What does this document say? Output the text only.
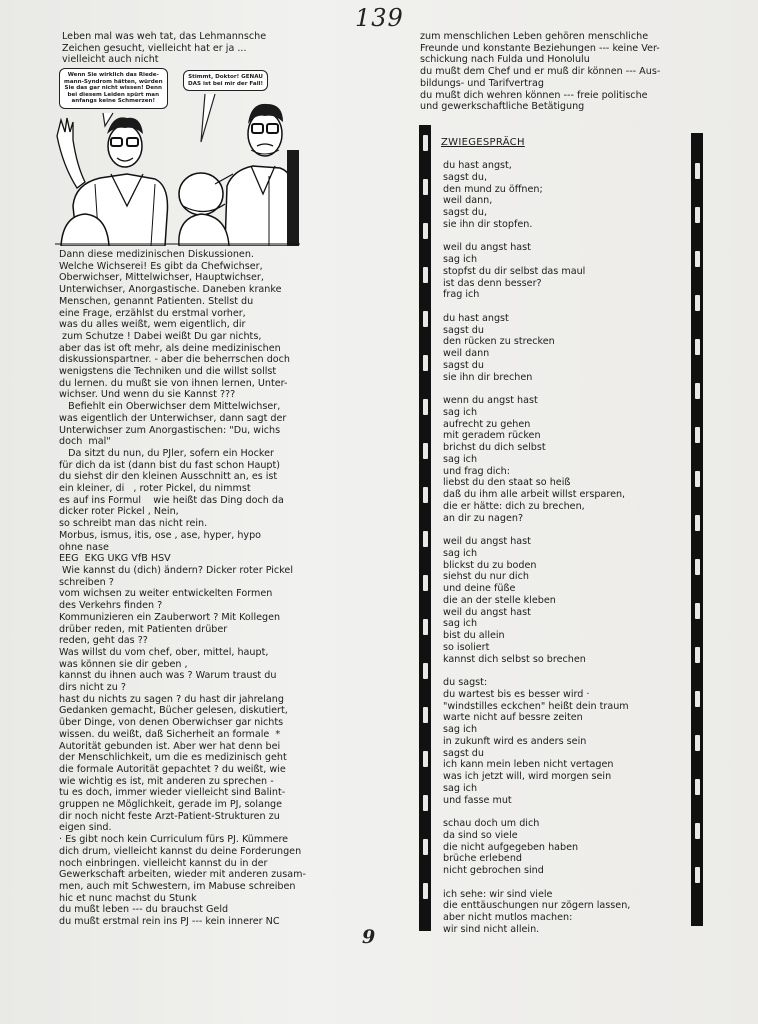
139
Leben mal was weh tat, das Lehmannsche
Zeichen gesucht, vielleicht hat er ja ...
vielleicht auch nicht
Wenn Sie wirklich das Riede-
mann-Syndrom hätten, würden
Sie das gar nicht wissen! Denn
bei diesem Leiden spürt man
anfangs keine Schmerzen!
Stimmt, Doktor! GENAU
DAS ist bei mir der Fall!
Dann diese medizinischen Diskussionen.
Welche Wichserei! Es gibt da Chefwichser,
Oberwichser, Mittelwichser, Hauptwichser,
Unterwichser, Anorgastische. Daneben kranke
Menschen, genannt Patienten. Stellst du
eine Frage, erzählst du erstmal vorher,
was du alles weißt, wem eigentlich, dir
zum Schutze ! Dabei weißt Du gar nichts,
aber das ist oft mehr, als deine medizinischen
diskussionspartner. - aber die beherrschen doch
wenigstens die Techniken und die willst sollst
du lernen. du mußt sie von ihnen lernen, Unter-
wichser. Und wenn du sie Kannst ???
Befiehlt ein Oberwichser dem Mittelwichser,
was eigentlich der Unterwichser, dann sagt der
Unterwichser zum Anorgastischen: "Du, wichs
doch  mal"
Da sitzt du nun, du PJler, sofern ein Hocker
für dich da ist (dann bist du fast schon Haupt)
du siehst dir den kleinen Ausschnitt an, es ist
ein kleiner, di   , roter Pickel, du nimmst
es auf ins Formul    wie heißt das Ding doch da
dicker roter Pickel , Nein,
so schreibt man das nicht rein.
Morbus, ismus, itis, ose , ase, hyper, hypo
ohne nase
EEG  EKG UKG VfB HSV
Wie kannst du (dich) ändern? Dicker roter Pickel
schreiben ?
vom wichsen zu weiter entwickelten Formen
des Verkehrs finden ?
Kommunizieren ein Zauberwort ? Mit Kollegen
drüber reden, mit Patienten drüber
reden, geht das ??
Was willst du vom chef, ober, mittel, haupt,
was können sie dir geben ,
kannst du ihnen auch was ? Warum traust du
dirs nicht zu ?
hast du nichts zu sagen ? du hast dir jahrelang
Gedanken gemacht, Bücher gelesen, diskutiert,
über Dinge, von denen Oberwichser gar nichts
wissen. du weißt, daß Sicherheit an formale  *
Autorität gebunden ist. Aber wer hat denn bei
der Menschlichkeit, um die es medizinisch geht
die formale Autorität gepachtet ? du weißt, wie
wie wichtig es ist, mit anderen zu sprechen -
tu es doch, immer wieder vielleicht sind Balint-
gruppen ne Möglichkeit, gerade im PJ, solange
dir noch nicht feste Arzt-Patient-Strukturen zu
eigen sind.
· Es gibt noch kein Curriculum fürs PJ. Kümmere
dich drum, vielleicht kannst du deine Forderungen
noch einbringen. vielleicht kannst du in der
Gewerkschaft arbeiten, wieder mit anderen zusam-
men, auch mit Schwestern, im Mabuse schreiben
hic et nunc machst du Stunk
du mußt leben --- du brauchst Geld
du mußt erstmal rein ins PJ --- kein innerer NC
zum menschlichen Leben gehören menschliche
Freunde und konstante Beziehungen --- keine Ver-
schickung nach Fulda und Honolulu
du mußt dem Chef und er muß dir können --- Aus-
bildungs- und Tarifvertrag
du mußt dich wehren können --- freie politische
und gewerkschaftliche Betätigung
ZWIEGESPRÄCH
du hast angst,
sagst du,
den mund zu öffnen;
weil dann,
sagst du,
sie ihn dir stopfen.

weil du angst hast
sag ich
stopfst du dir selbst das maul
ist das denn besser?
frag ich

du hast angst
sagst du
den rücken zu strecken
weil dann
sagst du
sie ihn dir brechen

wenn du angst hast
sag ich
aufrecht zu gehen
mit geradem rücken
brichst du dich selbst
sag ich
und frag dich:
liebst du den staat so heiß
daß du ihm alle arbeit willst ersparen,
die er hätte: dich zu brechen,
an dir zu nagen?

weil du angst hast
sag ich
blickst du zu boden
siehst du nur dich
und deine füße
die an der stelle kleben
weil du angst hast
sag ich
bist du allein
so isoliert
kannst dich selbst so brechen

du sagst:
du wartest bis es besser wird ·
"windstilles eckchen" heißt dein traum
warte nicht auf bessre zeiten
sag ich
in zukunft wird es anders sein
sagst du
ich kann mein leben nicht vertagen
was ich jetzt will, wird morgen sein
sag ich
und fasse mut

schau doch um dich
da sind so viele
die nicht aufgegeben haben
brüche erlebend
nicht gebrochen sind

ich sehe: wir sind viele
die enttäuschungen nur zögern lassen,
aber nicht mutlos machen:
wir sind nicht allein.
9
